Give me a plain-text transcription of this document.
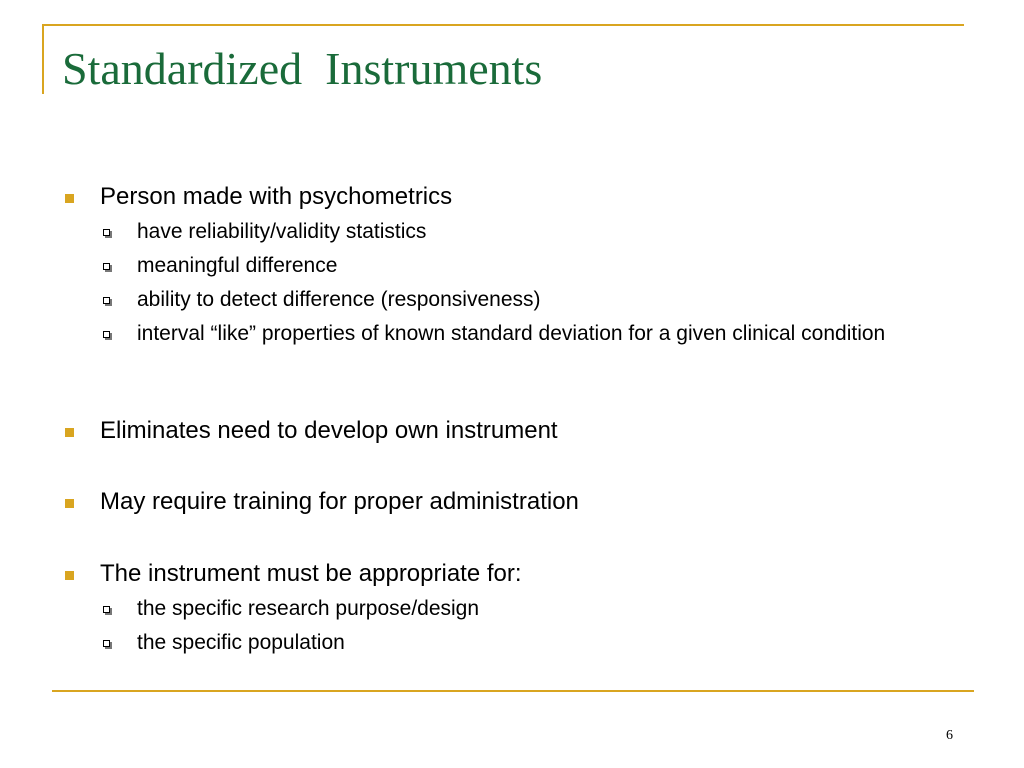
Standardized  Instruments
Person made with psychometrics
have reliability/validity statistics
meaningful difference
ability to detect difference (responsiveness)
interval “like” properties of known standard deviation for a given clinical condition
Eliminates need to develop own instrument
May require training for proper administration
The instrument must be appropriate for:
the specific research purpose/design
the specific population
6
